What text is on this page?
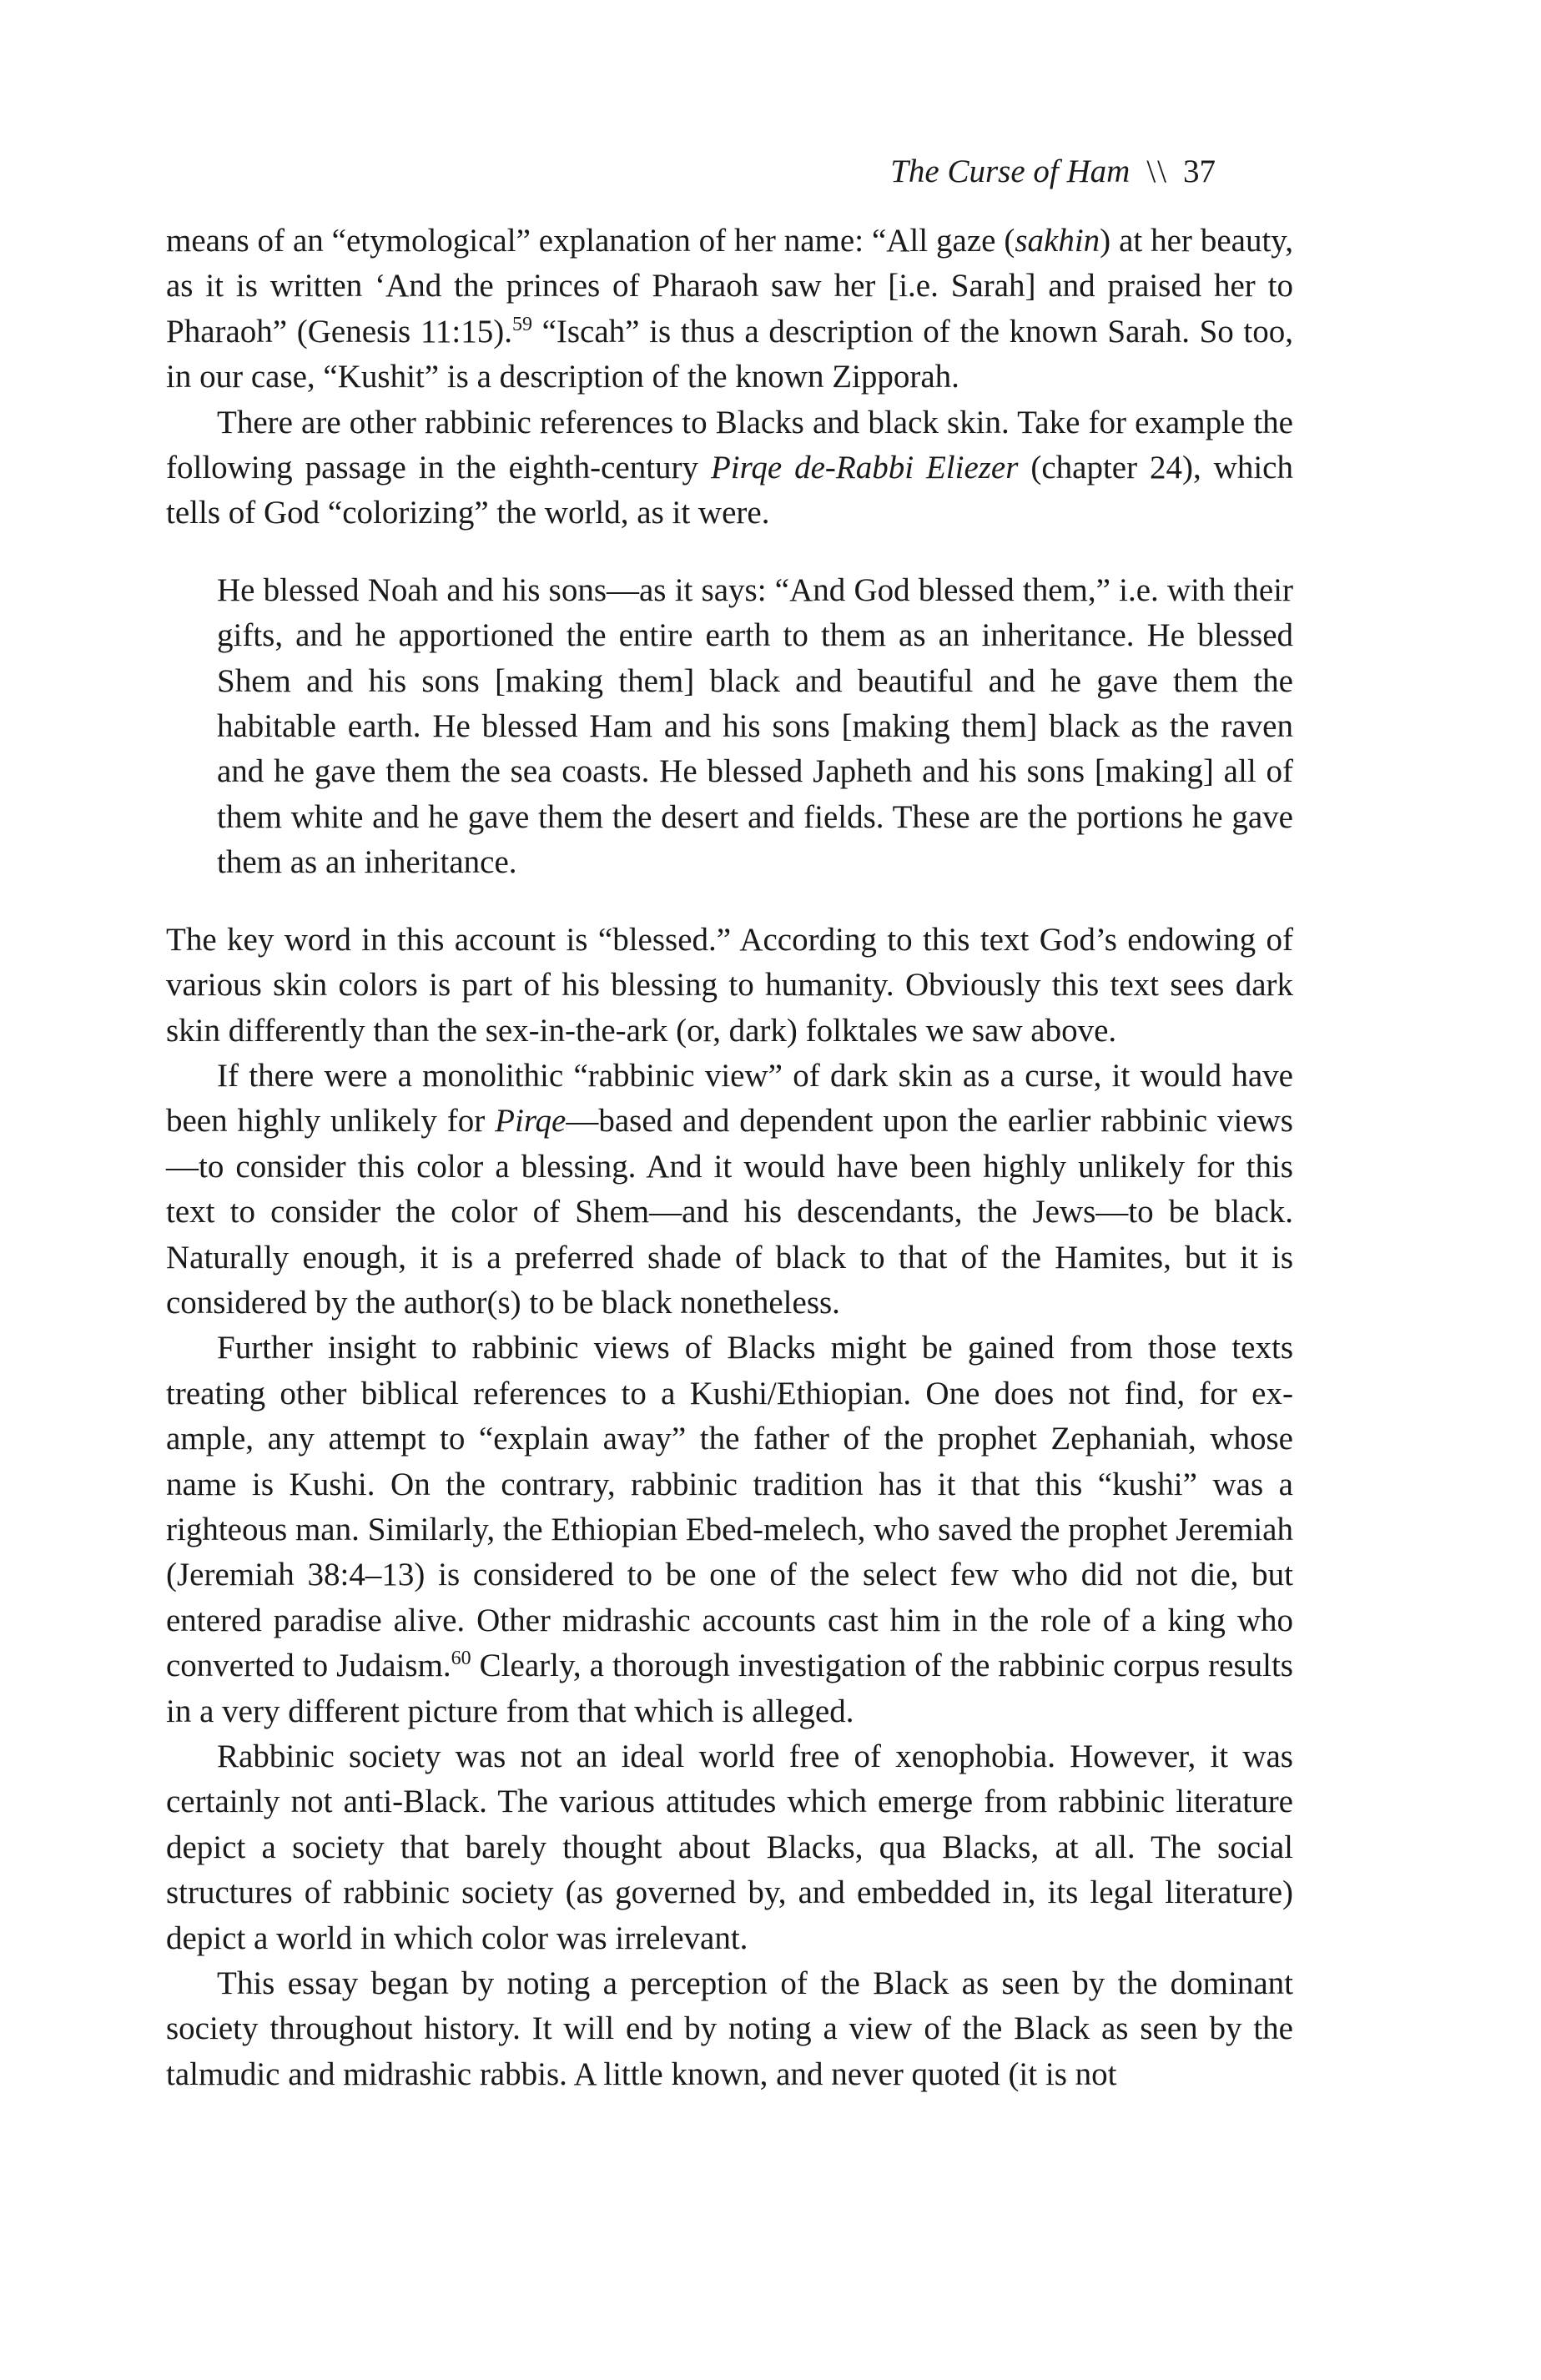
The Curse of Ham \\ 37

means of an “etymological” explanation of her name: “All gaze (sakhin) at her beauty, as it is written ‘And the princes of Pharaoh saw her [i.e. Sarah] and praised her to Pharaoh” (Genesis 11:15).$^{59}$ “Iscah” is thus a description of the known Sarah. So too, in our case, “Kushit” is a description of the known Zipporah.

There are other rabbinic references to Blacks and black skin. Take for example the following passage in the eighth-century Pirqe de-Rabbi Eliezer (chapter 24), which tells of God “colorizing” the world, as it were.

He blessed Noah and his sons—as it says: “And God blessed them,” i.e. with their gifts, and he apportioned the entire earth to them as an inheritance. He blessed Shem and his sons [making them] black and beautiful and he gave them the habitable earth. He blessed Ham and his sons [making them] black as the raven and he gave them the sea coasts. He blessed Japheth and his sons [making] all of them white and he gave them the desert and fields. These are the portions he gave them as an inheritance.

The key word in this account is “blessed.” According to this text God’s endowing of various skin colors is part of his blessing to humanity. Obviously this text sees dark skin differently than the sex-in-the-ark (or, dark) folktales we saw above.

If there were a monolithic “rabbinic view” of dark skin as a curse, it would have been highly unlikely for Pirqe—based and dependent upon the earlier rabbinic views—to consider this color a blessing. And it would have been highly unlikely for this text to consider the color of Shem—and his descendants, the Jews—to be black. Naturally enough, it is a preferred shade of black to that of the Hamites, but it is considered by the author(s) to be black nonetheless.

Further insight to rabbinic views of Blacks might be gained from those texts treating other biblical references to a Kushi/Ethiopian. One does not find, for example, any attempt to “explain away” the father of the prophet Zephaniah, whose name is Kushi. On the contrary, rabbinic tradition has it that this “kushi” was a righteous man. Similarly, the Ethiopian Ebed-melech, who saved the prophet Jeremiah (Jeremiah 38:4–13) is considered to be one of the select few who did not die, but entered paradise alive. Other midrashic accounts cast him in the role of a king who converted to Judaism.$^{60}$ Clearly, a thorough investigation of the rabbinic corpus results in a very different picture from that which is alleged.

Rabbinic society was not an ideal world free of xenophobia. However, it was certainly not anti-Black. The various attitudes which emerge from rabbinic literature depict a society that barely thought about Blacks, qua Blacks, at all. The social structures of rabbinic society (as governed by, and embedded in, its legal literature) depict a world in which color was irrelevant.

This essay began by noting a perception of the Black as seen by the dominant society throughout history. It will end by noting a view of the Black as seen by the talmudic and midrashic rabbis. A little known, and never quoted (it is not
